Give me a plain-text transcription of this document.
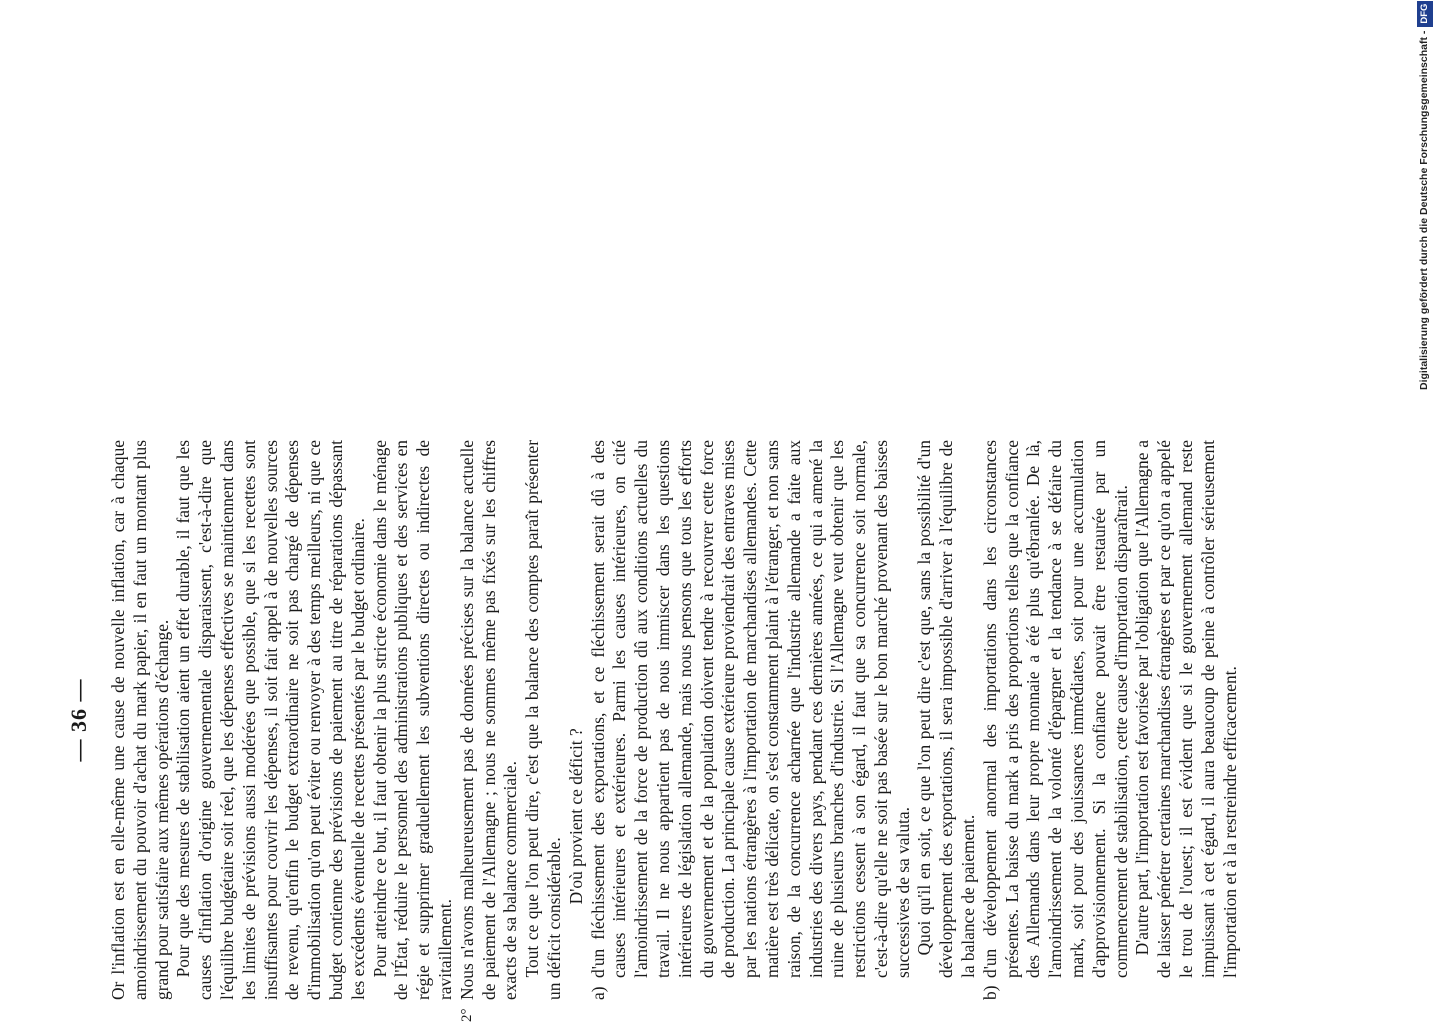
— 36 — Or l'inflation est en elle-même une cause de nouvelle inflation, car à chaque amoindrissement du pouvoir d'achat du mark papier, il en faut un montant plus grand pour satisfaire aux mêmes opérations d'échange. Pour que des mesures de stabilisation aient un effet durable, il faut que les causes d'inflation d'origine gouvernementale disparaissent, c'est-à-dire que l'équilibre budgétaire soit réel, que les dépenses effectives se maintiennent dans les limites de prévisions aussi modérées que possible, que si les recettes sont insuffisantes pour couvrir les dépenses, il soit fait appel à de nouvelles sources de revenu, qu'enfin le budget extraordinaire ne soit pas chargé de dépenses d'immobilisation qu'on peut éviter ou renvoyer à des temps meilleurs, ni que ce budget contienne des prévisions de paiement au titre de réparations dépassant les excédents éventuelle de recettes présentés par le budget ordinaire. Pour atteindre ce but, il faut obtenir la plus stricte économie dans le ménage de l'État, réduire le personnel des administrations publiques et des services en régie et supprimer graduellement les subventions directes ou indirectes de ravitaillement.

2°
Nous n'avons malheureusement pas de données précises sur la balance actuelle de paiement de l'Allemagne ; nous ne sommes même pas fixés sur les chiffres exacts de sa balance commerciale. Tout ce que l'on peut dire, c'est que la balance des comptes paraît présenter un déficit considérable.

D'où provient ce déficit ?

a)
d'un fléchissement des exportations, et ce fléchissement serait dû à des causes intérieures et extérieures. Parmi les causes intérieures, on cité l'amoindrissement de la force de production dû aux conditions actuelles du travail. Il ne nous appartient pas de nous immiscer dans les questions intérieures de législation allemande, mais nous pensons que tous les efforts du gouvernement et de la population doivent tendre à recouvrer cette force de production. La principale cause extérieure proviendrait des entraves mises par les nations étrangères à l'importation de marchandises allemandes. Cette matière est très délicate, on s'est constamment plaint à l'étranger, et non sans raison, de la concurrence acharnée que l'industrie allemande a faite aux industries des divers pays, pendant ces dernières années, ce qui a amené la ruine de plusieurs branches d'industrie. Si l'Allemagne veut obtenir que les restrictions cessent à son égard, il faut que sa concurrence soit normale, c'est-à-dire qu'elle ne soit pas basée sur le bon marché provenant des baisses successives de sa valuta. Quoi qu'il en soit, ce que l'on peut dire c'est que, sans la possibilité d'un développement des exportations, il sera impossible d'arriver à l'équilibre de la balance de paiement.

b)
d'un développement anormal des importations dans les circonstances présentes. La baisse du mark a pris des proportions telles que la confiance des Allemands dans leur propre monnaie a été plus qu'ébranlée. De là, l'amoindrissement de la volonté d'épargner et la tendance à se défaire du mark, soit pour des jouissances immédiates, soit pour une accumulation d'approvisionnement. Si la confiance pouvait être restaurée par un commencement de stabilisation, cette cause d'importation disparaîtrait. D'autre part, l'importation est favorisée par l'obligation que l'Allemagne a de laisser pénétrer certaines marchandises étrangères et par ce qu'on a appelé le trou de l'ouest; il est évident que si le gouvernement allemand reste impuissant à cet égard, il aura beaucoup de peine à contrôler sérieusement l'importation et à la restreindre efficacement.

Digitalisierung gefördert durch die Deutsche Forschungsgemeinschaft -DFG
